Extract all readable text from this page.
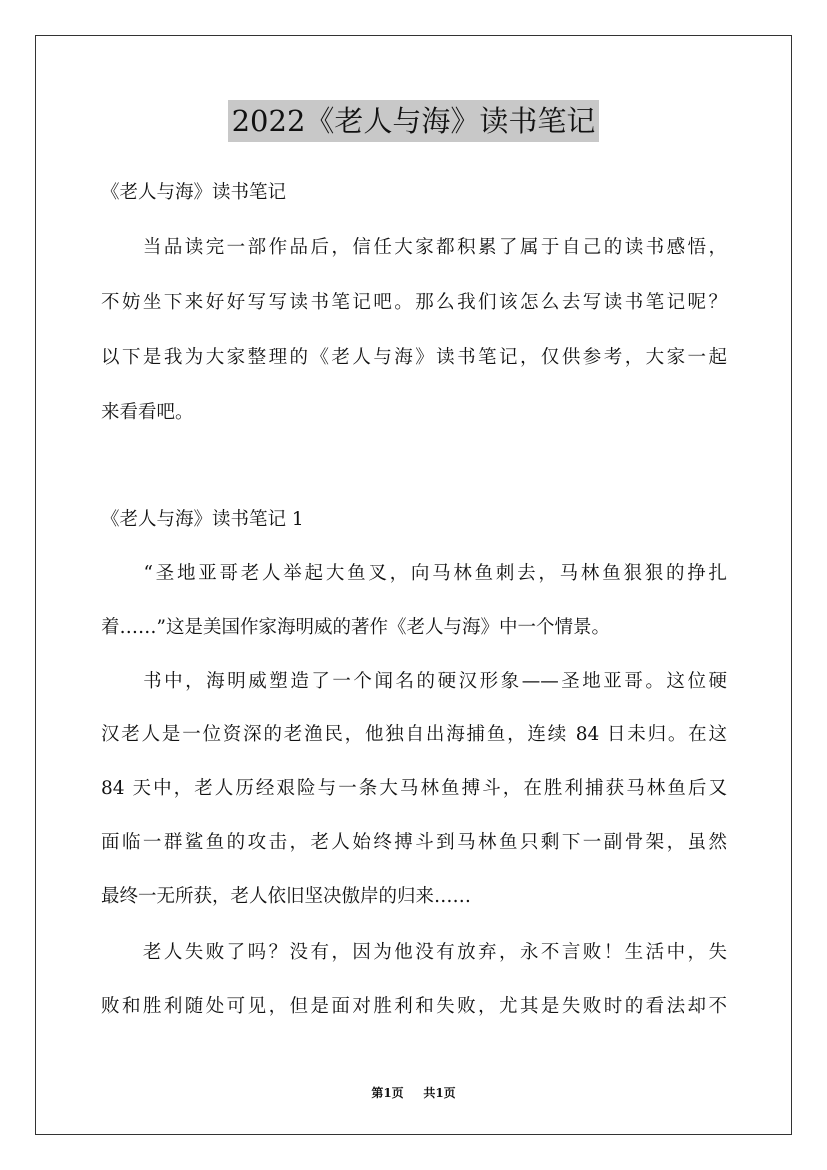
2022《老人与海》读书笔记
《老人与海》读书笔记
　　当品读完一部作品后，信任大家都积累了属于自己的读书感悟，
不妨坐下来好好写写读书笔记吧。那么我们该怎么去写读书笔记呢？
以下是我为大家整理的《老人与海》读书笔记，仅供参考，大家一起
来看看吧。
《老人与海》读书笔记 1
　　“圣地亚哥老人举起大鱼叉，向马林鱼刺去，马林鱼狠狠的挣扎
着……”这是美国作家海明威的著作《老人与海》中一个情景。
　　书中，海明威塑造了一个闻名的硬汉形象——圣地亚哥。这位硬
汉老人是一位资深的老渔民，他独自出海捕鱼，连续 84 日未归。在这
84 天中，老人历经艰险与一条大马林鱼搏斗，在胜利捕获马林鱼后又
面临一群鲨鱼的攻击，老人始终搏斗到马林鱼只剩下一副骨架，虽然
最终一无所获，老人依旧坚决傲岸的归来……
　　老人失败了吗？没有，因为他没有放弃，永不言败！生活中，失
败和胜利随处可见，但是面对胜利和失败，尤其是失败时的看法却不
第1页 共1页
